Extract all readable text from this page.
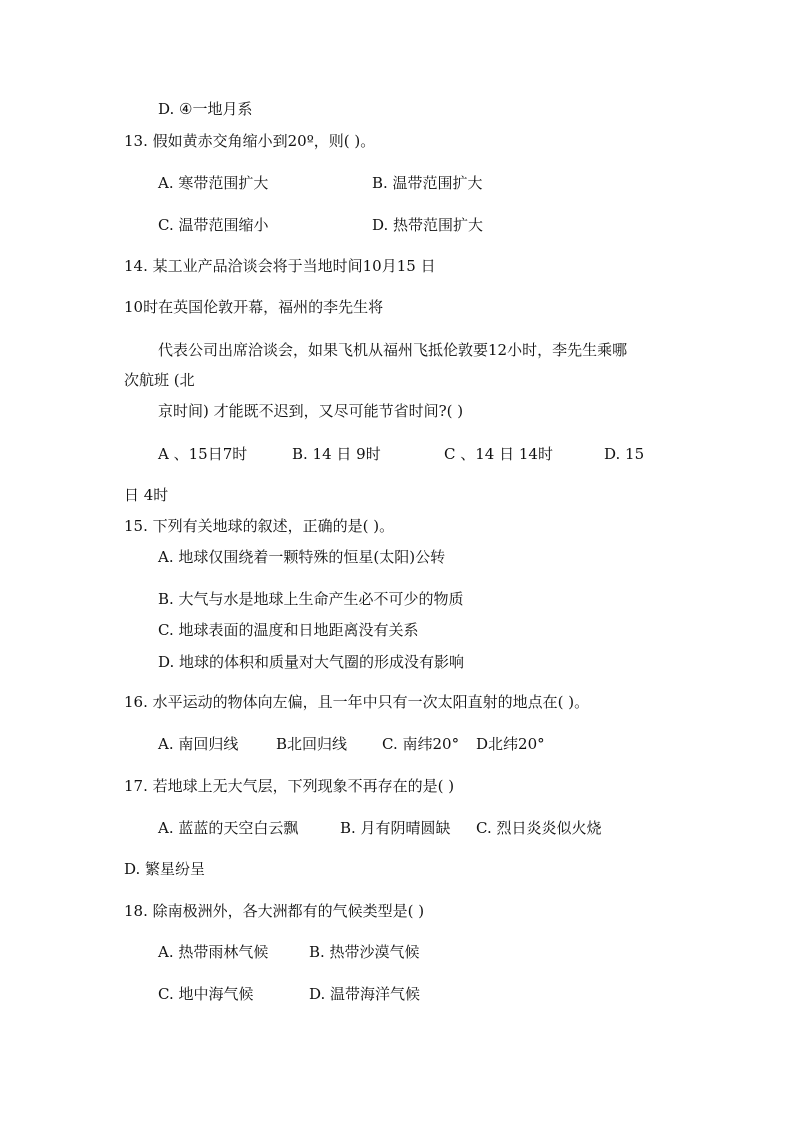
D. ④一地月系
13. 假如黄赤交角缩小到20º，则( )。
A. 寒带范围扩大	B. 温带范围扩大
C. 温带范围缩小	D. 热带范围扩大
14. 某工业产品洽谈会将于当地时间10月15 日
10时在英国伦敦开幕，福州的李先生将
代表公司出席洽谈会，如果飞机从福州飞抵伦敦要12小时，李先生乘哪
次航班 (北
京时间) 才能既不迟到，又尽可能节省时间?( )
A 、15日7时	B. 14 日 9时	C 、14 日 14时	D. 15
日 4时
15. 下列有关地球的叙述，正确的是( )。
A. 地球仅围绕着一颗特殊的恒星(太阳)公转
B. 大气与水是地球上生命产生必不可少的物质
C. 地球表面的温度和日地距离没有关系
D. 地球的体积和质量对大气圈的形成没有影响
16. 水平运动的物体向左偏，且一年中只有一次太阳直射的地点在( )。
A. 南回归线	B北回归线 C. 南纬20° D北纬20°
17. 若地球上无大气层，下列现象不再存在的是( )
A. 蓝蓝的天空白云飘	B. 月有阴晴圆缺 C. 烈日炎炎似火烧
D. 繁星纷呈
18. 除南极洲外，各大洲都有的气候类型是( )
A. 热带雨林气候	B. 热带沙漠气候
C. 地中海气候	D. 温带海洋气候
